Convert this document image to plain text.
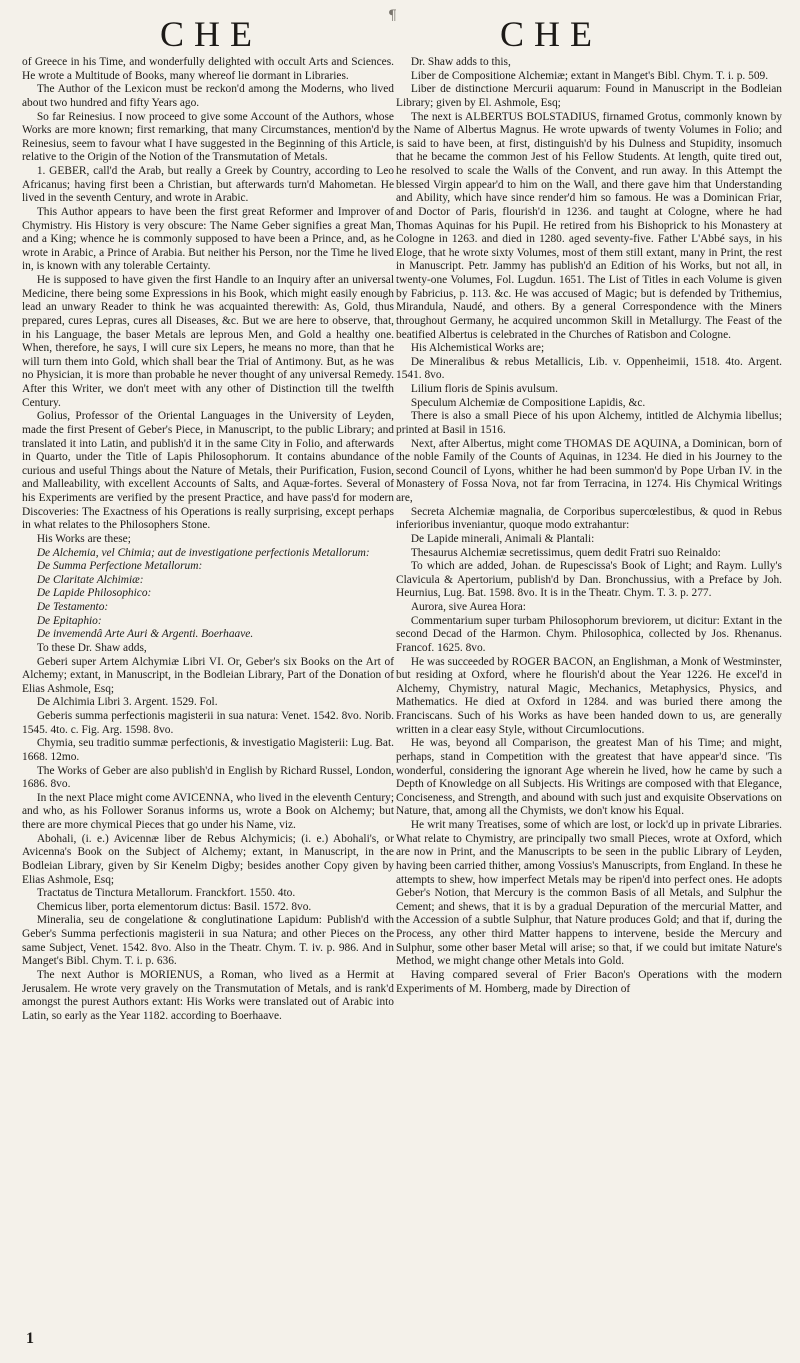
¶
CHE	CHE

of Greece in his Time, and wonderfully delighted with occult Arts and Sciences. He wrote a Multitude of Books, many whereof lie dormant in Libraries.

The Author of the Lexicon must be reckon'd among the Moderns, who lived about two hundred and fifty Years ago.

So far Reinesius. I now proceed to give some Account of the Authors, whose Works are more known; first remarking, that many Circumstances, mention'd by Reinesius, seem to favour what I have suggested in the Beginning of this Article, relative to the Origin of the Notion of the Transmutation of Metals.

1. GEBER, call'd the Arab, but really a Greek by Country, according to Leo Africanus; having first been a Christian, but afterwards turn'd Mahometan. He lived in the seventh Century, and wrote in Arabic.

This Author appears to have been the first great Reformer and Improver of Chymistry. His History is very obscure: The Name Geber signifies a great Man, and a King; whence he is commonly supposed to have been a Prince, and, as he wrote in Arabic, a Prince of Arabia. But neither his Person, nor the Time he lived in, is known with any tolerable Certainty.

He is supposed to have given the first Handle to an Inquiry after an universal Medicine, there being some Expressions in his Book, which might easily enough lead an unwary Reader to think he was acquainted therewith: As, Gold, thus prepared, cures Lepras, cures all Diseases, &c. But we are here to observe, that, in his Language, the baser Metals are leprous Men, and Gold a healthy one. When, therefore, he says, I will cure six Lepers, he means no more, than that he will turn them into Gold, which shall bear the Trial of Antimony. But, as he was no Physician, it is more than probable he never thought of any universal Remedy. After this Writer, we don't meet with any other of Distinction till the twelfth Century.

Golius, Professor of the Oriental Languages in the University of Leyden, made the first Present of Geber's Piece, in Manuscript, to the public Library; and translated it into Latin, and publish'd it in the same City in Folio, and afterwards in Quarto, under the Title of Lapis Philosophorum. It contains abundance of curious and useful Things about the Nature of Metals, their Purification, Fusion, and Malleability, with excellent Accounts of Salts, and Aquæ-fortes. Several of his Experiments are verified by the present Practice, and have pass'd for modern Discoveries: The Exactness of his Operations is really surprising, except perhaps in what relates to the Philosophers Stone.

His Works are these;

De Alchemia, vel Chimia; aut de investigatione perfectionis Metallorum:

De Summa Perfectione Metallorum:

De Claritate Alchimiæ:

De Lapide Philosophico:

De Testamento:

De Epitaphio:

De invemendâ Arte Auri & Argenti. Boerhaave.

To these Dr. Shaw adds,

Geberi super Artem Alchymiæ Libri VI. Or, Geber's six Books on the Art of Alchemy; extant, in Manuscript, in the Bodleian Library, Part of the Donation of Elias Ashmole, Esq;

De Alchimia Libri 3. Argent. 1529. Fol.

Geberis summa perfectionis magisterii in sua natura: Venet. 1542. 8vo. Norib. 1545. 4to. c. Fig. Arg. 1598. 8vo.

Chymia, seu traditio summæ perfectionis, & investigatio Magisterii: Lug. Bat. 1668. 12mo.

The Works of Geber are also publish'd in English by Richard Russel, London, 1686. 8vo.

In the next Place might come AVICENNA, who lived in the eleventh Century; and who, as his Follower Soranus informs us, wrote a Book on Alchemy; but there are more chymical Pieces that go under his Name, viz.

Abohali, (i. e.) Avicennæ liber de Rebus Alchymicis; (i. e.) Abohali's, or Avicenna's Book on the Subject of Alchemy; extant, in Manuscript, in the Bodleian Library, given by Sir Kenelm Digby; besides another Copy given by Elias Ashmole, Esq;

Tractatus de Tinctura Metallorum. Franckfort. 1550. 4to.

Chemicus liber, porta elementorum dictus: Basil. 1572. 8vo.

Mineralia, seu de congelatione & conglutinatione Lapidum: Publish'd with Geber's Summa perfectionis magisterii in sua Natura; and other Pieces on the same Subject, Venet. 1542. 8vo. Also in the Theatr. Chym. T. iv. p. 986. And in Manget's Bibl. Chym. T. i. p. 636.

The next Author is MORIENUS, a Roman, who lived as a Hermit at Jerusalem. He wrote very gravely on the Transmutation of Metals, and is rank'd amongst the purest Authors extant: His Works were translated out of Arabic into Latin, so early as the Year 1182. according to Boerhaave.

Dr. Shaw adds to this,

Liber de Compositione Alchemiæ; extant in Manget's Bibl. Chym. T. i. p. 509.

Liber de distinctione Mercurii aquarum: Found in Manuscript in the Bodleian Library; given by El. Ashmole, Esq;

The next is ALBERTUS BOLSTADIUS, firnamed Grotus, commonly known by the Name of Albertus Magnus. He wrote upwards of twenty Volumes in Folio; and is said to have been, at first, distinguish'd by his Dulness and Stupidity, insomuch that he became the common Jest of his Fellow Students. At length, quite tired out, he resolved to scale the Walls of the Convent, and run away. In this Attempt the blessed Virgin appear'd to him on the Wall, and there gave him that Understanding and Ability, which have since render'd him so famous. He was a Dominican Friar, and Doctor of Paris, flourish'd in 1236. and taught at Cologne, where he had Thomas Aquinas for his Pupil. He retired from his Bishoprick to his Monastery at Cologne in 1263. and died in 1280. aged seventy-five. Father L'Abbé says, in his Eloge, that he wrote sixty Volumes, most of them still extant, many in Print, the rest in Manuscript. Petr. Jammy has publish'd an Edition of his Works, but not all, in twenty-one Volumes, Fol. Lugdun. 1651. The List of Titles in each Volume is given by Fabricius, p. 113. &c. He was accused of Magic; but is defended by Trithemius, Mirandula, Naudé, and others. By a general Correspondence with the Miners throughout Germany, he acquired uncommon Skill in Metallurgy. The Feast of the beatified Albertus is celebrated in the Churches of Ratisbon and Cologne.

His Alchemistical Works are;

De Mineralibus & rebus Metallicis, Lib. v. Oppenheimii, 1518. 4to. Argent. 1541. 8vo.

Lilium floris de Spinis avulsum.

Speculum Alchemiæ de Compositione Lapidis, &c.

There is also a small Piece of his upon Alchemy, intitled de Alchymia libellus; printed at Basil in 1516.

Next, after Albertus, might come THOMAS DE AQUINA, a Dominican, born of the noble Family of the Counts of Aquinas, in 1234. He died in his Journey to the second Council of Lyons, whither he had been summon'd by Pope Urban IV. in the Monastery of Fossa Nova, not far from Terracina, in 1274. His Chymical Writings are,

Secreta Alchemiæ magnalia, de Corporibus supercœlestibus, & quod in Rebus inferioribus inveniantur, quoque modo extrahantur:

De Lapide minerali, Animali & Plantali:

Thesaurus Alchemiæ secretissimus, quem dedit Fratri suo Reinaldo:

To which are added, Johan. de Rupescissa's Book of Light; and Raym. Lully's Clavicula & Apertorium, publish'd by Dan. Bronchussius, with a Preface by Joh. Heurnius, Lug. Bat. 1598. 8vo. It is in the Theatr. Chym. T. 3. p. 277.

Aurora, sive Aurea Hora:

Commentarium super turbam Philosophorum breviorem, ut dicitur: Extant in the second Decad of the Harmon. Chym. Philosophica, collected by Jos. Rhenanus. Francof. 1625. 8vo.

He was succeeded by ROGER BACON, an Englishman, a Monk of Westminster, but residing at Oxford, where he flourish'd about the Year 1226. He excel'd in Alchemy, Chymistry, natural Magic, Mechanics, Metaphysics, Physics, and Mathematics. He died at Oxford in 1284. and was buried there among the Franciscans. Such of his Works as have been handed down to us, are generally written in a clear easy Style, without Circumlocutions.

He was, beyond all Comparison, the greatest Man of his Time; and might, perhaps, stand in Competition with the greatest that have appear'd since. 'Tis wonderful, considering the ignorant Age wherein he lived, how he came by such a Depth of Knowledge on all Subjects. His Writings are composed with that Elegance, Conciseness, and Strength, and abound with such just and exquisite Observations on Nature, that, among all the Chymists, we don't know his Equal.

He writ many Treatises, some of which are lost, or lock'd up in private Libraries. What relate to Chymistry, are principally two small Pieces, wrote at Oxford, which are now in Print, and the Manuscripts to be seen in the public Library of Leyden, having been carried thither, among Vossius's Manuscripts, from England. In these he attempts to shew, how imperfect Metals may be ripen'd into perfect ones. He adopts Geber's Notion, that Mercury is the common Basis of all Metals, and Sulphur the Cement; and shews, that it is by a gradual Depuration of the mercurial Matter, and the Accession of a subtle Sulphur, that Nature produces Gold; and that if, during the Process, any other third Matter happens to intervene, beside the Mercury and Sulphur, some other baser Metal will arise; so that, if we could but imitate Nature's Method, we might change other Metals into Gold.

Having compared several of Frier Bacon's Operations with the modern Experiments of M. Homberg, made by Direction of

1
